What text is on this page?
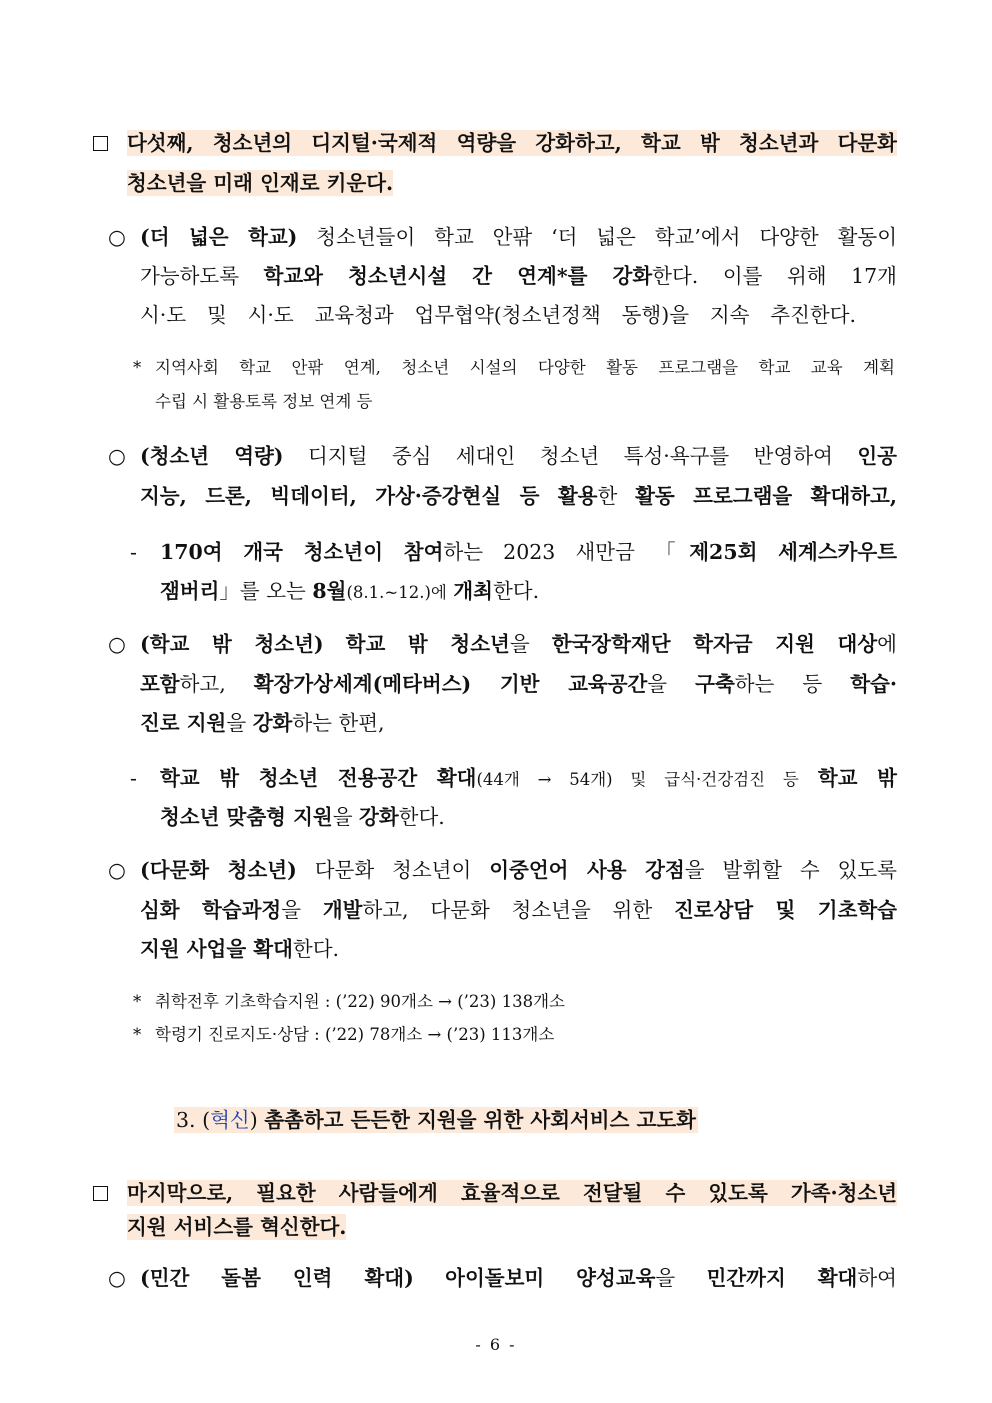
다섯째, 청소년의 디지털·국제적 역량을 강화하고, 학교 밖 청소년과 다문화
청소년을 미래 인재로 키운다.
○ (더 넓은 학교) 청소년들이 학교 안팎 ‘더 넓은 학교’에서 다양한 활동이
가능하도록 학교와 청소년시설 간 연계*를 강화한다. 이를 위해 17개
시·도 및 시·도 교육청과 업무협약(청소년정책 동행)을 지속 추진한다.
* 지역사회 학교 안팎 연계, 청소년 시설의 다양한 활동 프로그램을 학교 교육 계획
수립 시 활용토록 정보 연계 등
○ (청소년 역량) 디지털 중심 세대인 청소년 특성·욕구를 반영하여 인공
지능, 드론, 빅데이터, 가상·증강현실 등 활용한 활동 프로그램을 확대하고,
- 170여 개국 청소년이 참여하는 2023 새만금 「제25회 세계스카우트
잼버리」를 오는 8월(8.1.~12.)에 개최한다.
○ (학교 밖 청소년) 학교 밖 청소년을 한국장학재단 학자금 지원 대상에
포함하고, 확장가상세계(메타버스) 기반 교육공간을 구축하는 등 학습·
진로 지원을 강화하는 한편,
- 학교 밖 청소년 전용공간 확대(44개 → 54개) 및 급식·건강검진 등 학교 밖
청소년 맞춤형 지원을 강화한다.
○ (다문화 청소년) 다문화 청소년이 이중언어 사용 강점을 발휘할 수 있도록
심화 학습과정을 개발하고, 다문화 청소년을 위한 진로상담 및 기초학습
지원 사업을 확대한다.
* 취학전후 기초학습지원 : (’22) 90개소 → (’23) 138개소
* 학령기 진로지도·상담 : (’22) 78개소 → (’23) 113개소
3. (혁신) 촘촘하고 든든한 지원을 위한 사회서비스 고도화
마지막으로, 필요한 사람들에게 효율적으로 전달될 수 있도록 가족·청소년
지원 서비스를 혁신한다.
○ (민간 돌봄 인력 확대) 아이돌보미 양성교육을 민간까지 확대하여
- 6 -
